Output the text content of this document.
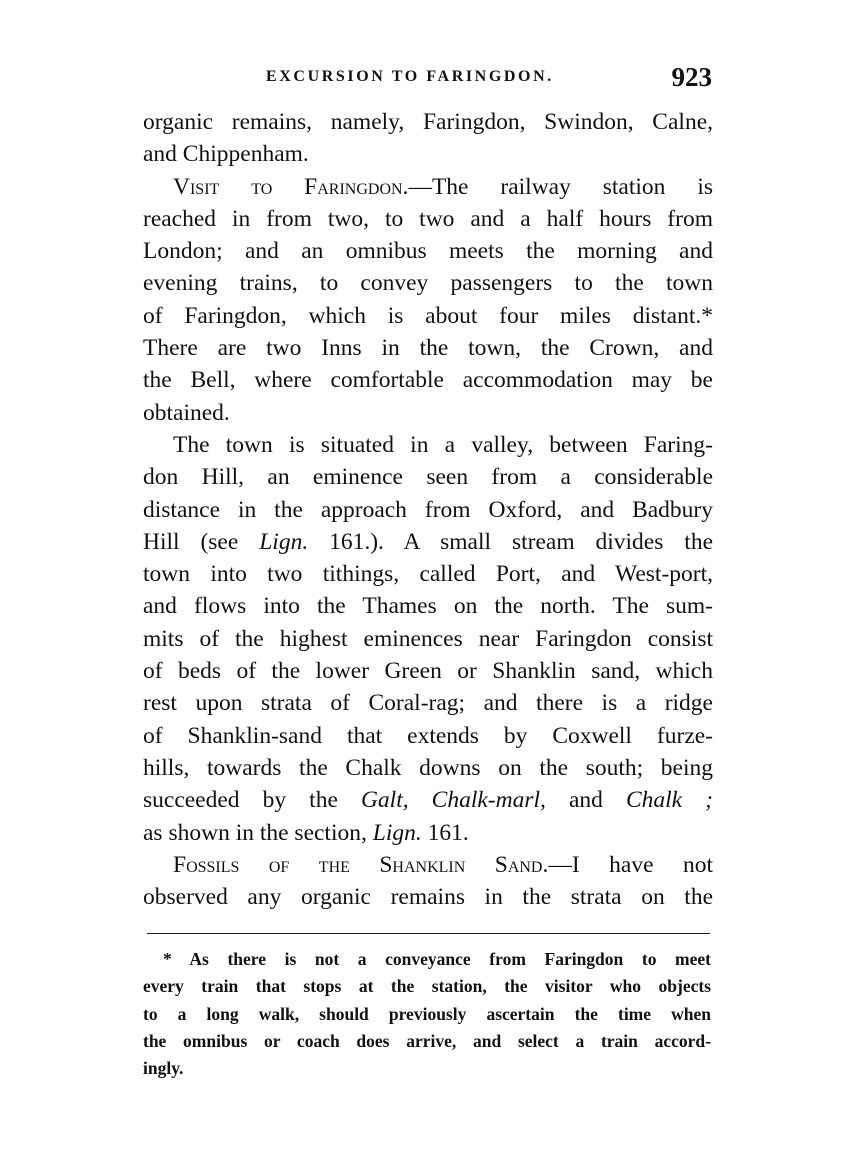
EXCURSION TO FARINGDON.	923
organic remains, namely, Faringdon, Swindon, Calne,
and Chippenham.
Visit to Faringdon.—The railway station is
reached in from two, to two and a half hours from
London; and an omnibus meets the morning and
evening trains, to convey passengers to the town
of Faringdon, which is about four miles distant.*
There are two Inns in the town, the Crown, and
the Bell, where comfortable accommodation may be
obtained.
The town is situated in a valley, between Faring-
don Hill, an eminence seen from a considerable
distance in the approach from Oxford, and Badbury
Hill (see Lign. 161.). A small stream divides the
town into two tithings, called Port, and West-port,
and flows into the Thames on the north. The sum-
mits of the highest eminences near Faringdon consist
of beds of the lower Green or Shanklin sand, which
rest upon strata of Coral-rag; and there is a ridge
of Shanklin-sand that extends by Coxwell furze-
hills, towards the Chalk downs on the south; being
succeeded by the Galt, Chalk-marl, and Chalk ;
as shown in the section, Lign. 161.
Fossils of the Shanklin Sand.—I have not
observed any organic remains in the strata on the
* As there is not a conveyance from Faringdon to meet
every train that stops at the station, the visitor who objects
to a long walk, should previously ascertain the time when
the omnibus or coach does arrive, and select a train accord-
ingly.
